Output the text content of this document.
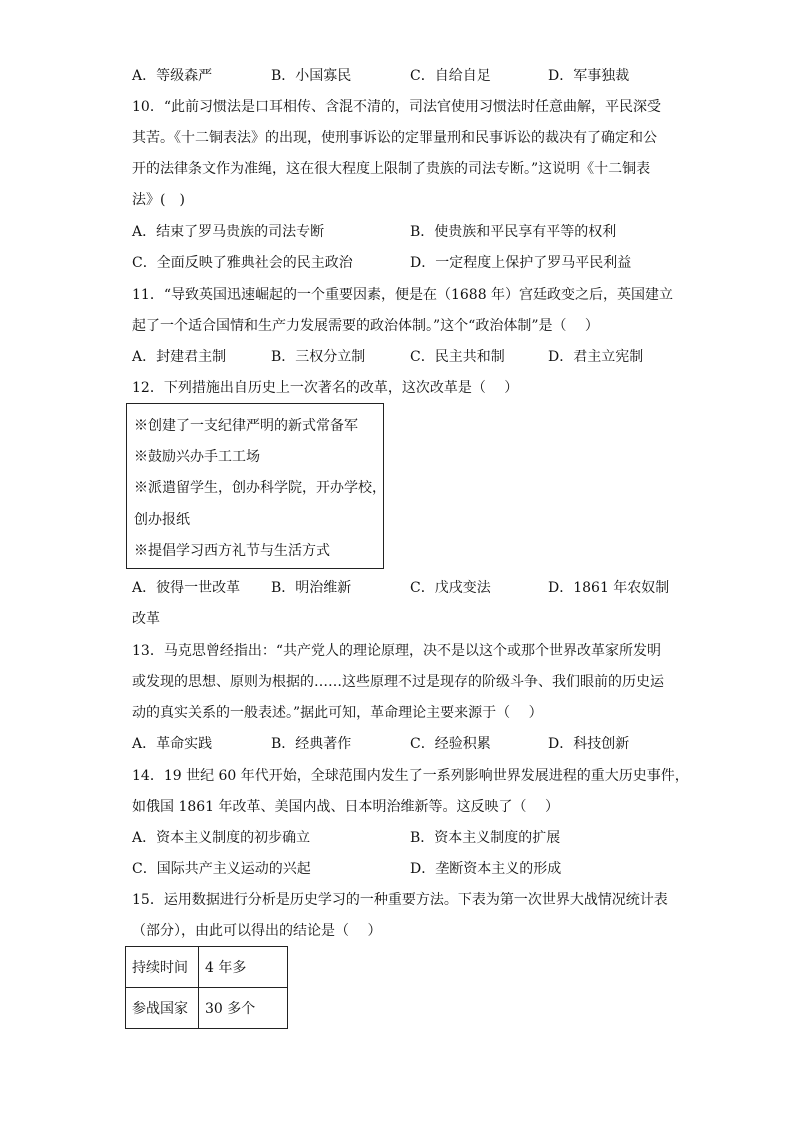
A．等级森严	B．小国寡民	C．自给自足	D．军事独裁
10．“此前习惯法是口耳相传、含混不清的，司法官使用习惯法时任意曲解，平民深受
其苦。《十二铜表法》的出现，使刑事诉讼的定罪量刑和民事诉讼的裁决有了确定和公
开的法律条文作为准绳，这在很大程度上限制了贵族的司法专断。”这说明《十二铜表
法》(　)
A．结束了罗马贵族的司法专断	B．使贵族和平民享有平等的权利
C．全面反映了雅典社会的民主政治	D．一定程度上保护了罗马平民利益
11．“导致英国迅速崛起的一个重要因素，便是在（1688 年）宫廷政变之后，英国建立
起了一个适合国情和生产力发展需要的政治体制。”这个“政治体制”是（　 ）
A．封建君主制	B．三权分立制	C．民主共和制	D．君主立宪制
12．下列措施出自历史上一次著名的改革，这次改革是（　 ）
※创建了一支纪律严明的新式常备军
※鼓励兴办手工工场
※派遣留学生，创办科学院，开办学校，
创办报纸
※提倡学习西方礼节与生活方式
A．彼得一世改革 B．明治维新	C．戊戌变法	D．1861 年农奴制
改革
13．马克思曾经指出：“共产党人的理论原理，决不是以这个或那个世界改革家所发明
或发现的思想、原则为根据的……这些原理不过是现存的阶级斗争、我们眼前的历史运
动的真实关系的一般表述。”据此可知，革命理论主要来源于（　 ）
A．革命实践	B．经典著作	C．经验积累	D．科技创新
14．19 世纪 60 年代开始，全球范围内发生了一系列影响世界发展进程的重大历史事件，
如俄国 1861 年改革、美国内战、日本明治维新等。这反映了（　 ）
A．资本主义制度的初步确立	B．资本主义制度的扩展
C．国际共产主义运动的兴起	D．垄断资本主义的形成
15．运用数据进行分析是历史学习的一种重要方法。下表为第一次世界大战情况统计表
（部分），由此可以得出的结论是（　 ）
持续时间	4 年多
参战国家	30 多个
